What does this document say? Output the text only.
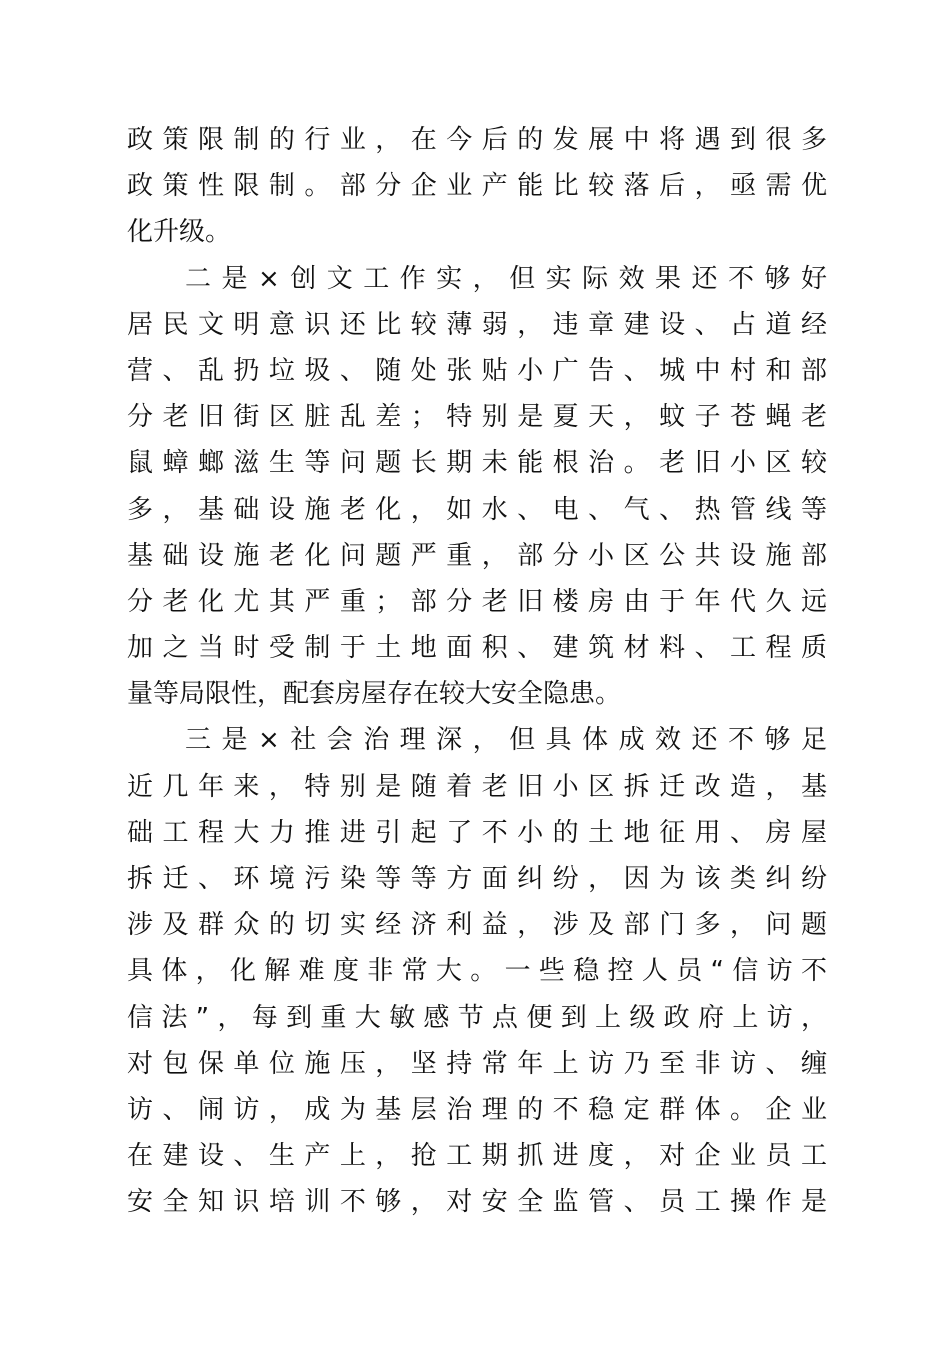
政策限制的行业，在今后的发展中将遇到很多
政策性限制。部分企业产能比较落后，亟需优
化升级。
二是×创文工作实，但实际效果还不够好
居民文明意识还比较薄弱，违章建设、占道经
营、乱扔垃圾、随处张贴小广告、城中村和部
分老旧街区脏乱差；特别是夏天，蚊子苍蝇老
鼠蟑螂滋生等问题长期未能根治。老旧小区较
多，基础设施老化，如水、电、气、热管线等
基础设施老化问题严重，部分小区公共设施部
分老化尤其严重；部分老旧楼房由于年代久远
加之当时受制于土地面积、建筑材料、工程质
量等局限性，配套房屋存在较大安全隐患。
三是×社会治理深，但具体成效还不够足
近几年来，特别是随着老旧小区拆迁改造，基
础工程大力推进引起了不小的土地征用、房屋
拆迁、环境污染等等方面纠纷，因为该类纠纷
涉及群众的切实经济利益，涉及部门多，问题
具体，化解难度非常大。一些稳控人员“信访不
信法”，每到重大敏感节点便到上级政府上访，
对包保单位施压，坚持常年上访乃至非访、缠
访、闹访，成为基层治理的不稳定群体。企业
在建设、生产上，抢工期抓进度，对企业员工
安全知识培训不够，对安全监管、员工操作是
